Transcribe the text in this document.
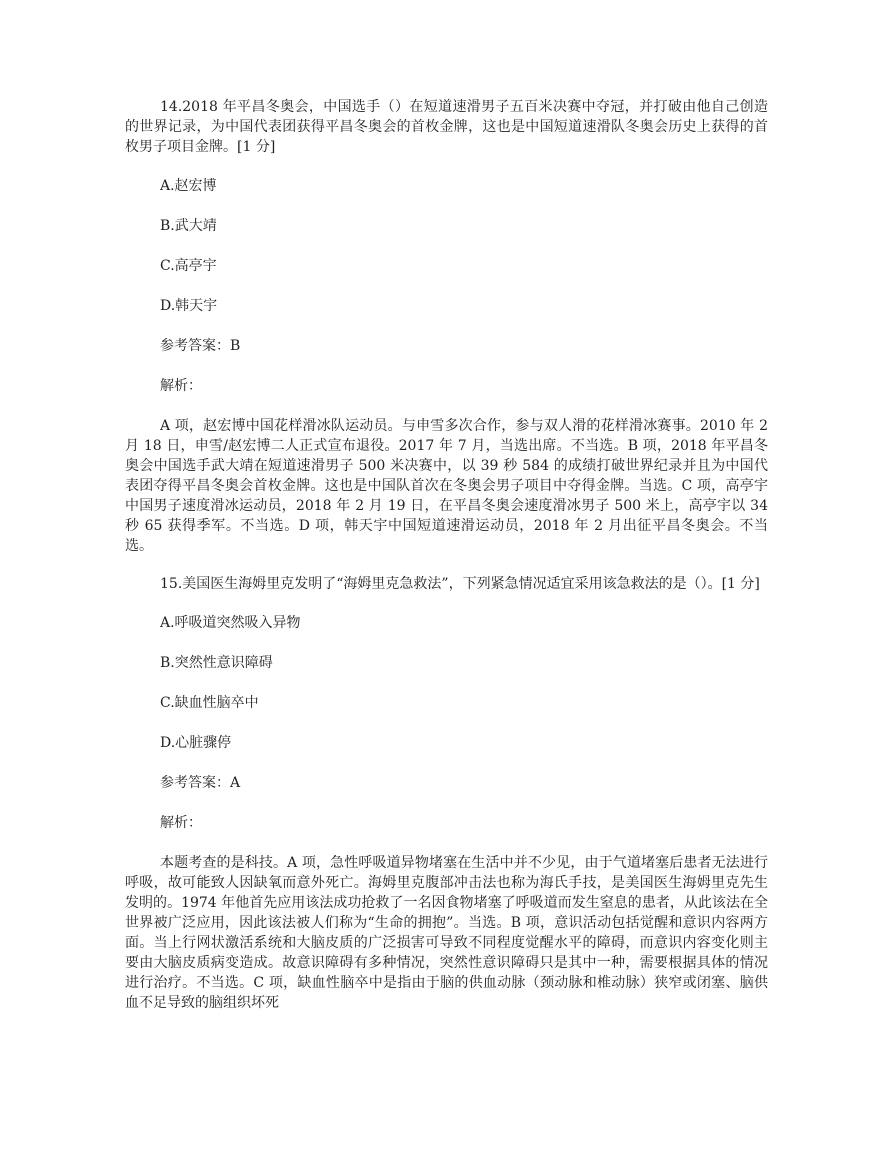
14.2018 年平昌冬奥会，中国选手（）在短道速滑男子五百米决赛中夺冠，并打破由他自己创造的世界记录，为中国代表团获得平昌冬奥会的首枚金牌，这也是中国短道速滑队冬奥会历史上获得的首枚男子项目金牌。[1 分]

A.赵宏博

B.武大靖

C.高亭宇

D.韩天宇

参考答案：B

解析：

A 项，赵宏博中国花样滑冰队运动员。与申雪多次合作，参与双人滑的花样滑冰赛事。2010 年 2 月 18 日，申雪/赵宏博二人正式宣布退役。2017 年 7 月，当选出席。不当选。B 项，2018 年平昌冬奥会中国选手武大靖在短道速滑男子 500 米决赛中，以 39 秒 584 的成绩打破世界纪录并且为中国代表团夺得平昌冬奥会首枚金牌。这也是中国队首次在冬奥会男子项目中夺得金牌。当选。C 项，高亭宇中国男子速度滑冰运动员，2018 年 2 月 19 日，在平昌冬奥会速度滑冰男子 500 米上，高亭宇以 34 秒 65 获得季军。不当选。D 项，韩天宇中国短道速滑运动员，2018 年 2 月出征平昌冬奥会。不当选。

15.美国医生海姆里克发明了“海姆里克急救法”，下列紧急情况适宜采用该急救法的是（）。[1 分]

A.呼吸道突然吸入异物

B.突然性意识障碍

C.缺血性脑卒中

D.心脏骤停

参考答案：A

解析：

本题考查的是科技。A 项，急性呼吸道异物堵塞在生活中并不少见，由于气道堵塞后患者无法进行呼吸，故可能致人因缺氧而意外死亡。海姆里克腹部冲击法也称为海氏手技，是美国医生海姆里克先生发明的。1974 年他首先应用该法成功抢救了一名因食物堵塞了呼吸道而发生窒息的患者，从此该法在全世界被广泛应用，因此该法被人们称为“生命的拥抱”。当选。B 项，意识活动包括觉醒和意识内容两方面。当上行网状激活系统和大脑皮质的广泛损害可导致不同程度觉醒水平的障碍，而意识内容变化则主要由大脑皮质病变造成。故意识障碍有多种情况，突然性意识障碍只是其中一种，需要根据具体的情况进行治疗。不当选。C 项，缺血性脑卒中是指由于脑的供血动脉（颈动脉和椎动脉）狭窄或闭塞、脑供血不足导致的脑组织坏死
